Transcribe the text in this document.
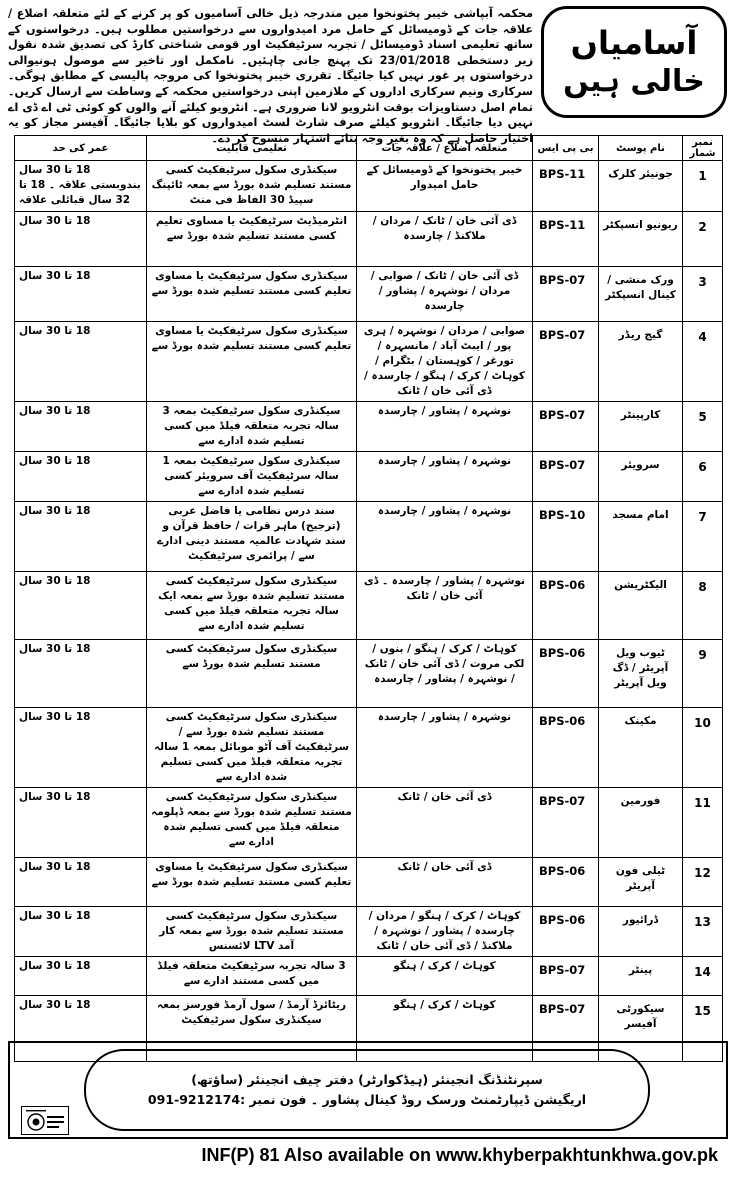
محکمہ آبپاشی خیبر پختونخوا میں مندرجہ ذیل خالی آسامیوں کو پر کرنے کے لئے متعلقہ اضلاع / علاقہ جات کے ڈومیسائل کے حامل مرد امیدواروں سے درخواستیں مطلوب ہیں۔ درخواستوں کے ساتھ تعلیمی اسناد ڈومیسائل / تجربہ سرٹیفکیٹ اور قومی شناختی کارڈ کی تصدیق شدہ نقول زیر دستخطی 23/01/2018 تک پہنچ جانی چاہئیں۔ نامکمل اور تاخیر سے موصول ہونیوالی درخواستوں پر غور نہیں کیا جائیگا۔ تقرری خیبر پختونخوا کی مروجہ پالیسی کے مطابق ہوگی۔ سرکاری ونیم سرکاری اداروں کے ملازمین اپنی درخواستیں محکمہ کے وساطت سے ارسال کریں۔ تمام اصل دستاویزات بوقت انٹرویو لانا ضروری ہے۔ انٹرویو کیلئے آنے والوں کو کوئی ٹی اے ڈی اے نہیں دیا جائیگا۔ انٹرویو کیلئے صرف شارٹ لسٹ امیدواروں کو بلایا جائیگا۔ آفیسر مجاز کو یہ اختیار حاصل ہے کہ وہ بغیر وجہ بتائے اشتہار منسوخ کر دے۔

آسامیاں
خالی ہیں
نمبر شمار	نام پوسٹ	بی پی ایس	متعلقہ اضلاع / علاقہ جات	تعلیمی قابلیت	عمر کی حد
1	جونیئر کلرک	BPS-11	خیبر پختونخوا کے ڈومیسائل کے حامل امیدوار	سیکنڈری سکول سرٹیفکیٹ کسی مستند تسلیم شدہ بورڈ سے بمعہ ٹائپنگ سپیڈ 30 الفاظ فی منٹ	18 تا 30 سال بندوبستی علاقہ ۔ 18 تا 32 سال قبائلی علاقہ
2	ریونیو انسپکٹر	BPS-11	ڈی آئی خان / ٹانک / مردان / ملاکنڈ / چارسدہ	انٹرمیڈیٹ سرٹیفکیٹ یا مساوی تعلیم کسی مستند تسلیم شدہ بورڈ سے	18 تا 30 سال
3	ورک منشی / کینال انسپکٹر	BPS-07	ڈی آئی خان / ٹانک / صوابی / مردان / نوشہرہ / پشاور / چارسدہ	سیکنڈری سکول سرٹیفکیٹ یا مساوی تعلیم کسی مستند تسلیم شدہ بورڈ سے	18 تا 30 سال
4	گیج ریڈر	BPS-07	صوابی / مردان / نوشہرہ / ہری پور / ایبٹ آباد / مانسہرہ / تورغر / کوہستان / بٹگرام / کوہاٹ / کرک / ہنگو / چارسدہ / ڈی آئی خان / ٹانک	سیکنڈری سکول سرٹیفکیٹ یا مساوی تعلیم کسی مستند تسلیم شدہ بورڈ سے	18 تا 30 سال
5	کارپینٹر	BPS-07	نوشہرہ / پشاور / چارسدہ	سیکنڈری سکول سرٹیفکیٹ بمعہ 3 سالہ تجربہ متعلقہ فیلڈ میں کسی تسلیم شدہ ادارے سے	18 تا 30 سال
6	سرویئر	BPS-07	نوشہرہ / پشاور / چارسدہ	سیکنڈری سکول سرٹیفکیٹ بمعہ 1 سالہ سرٹیفکیٹ آف سرویئر کسی تسلیم شدہ ادارے سے	18 تا 30 سال
7	امام مسجد	BPS-10	نوشہرہ / پشاور / چارسدہ	سند درس نظامی یا فاضل عربی (ترجیح) ماہر قرات / حافظ قرآن و سند شہادت عالمیہ مستند دینی ادارے سے / پرائمری سرٹیفکیٹ	18 تا 30 سال
8	الیکٹریشن	BPS-06	نوشہرہ / پشاور / چارسدہ ۔ ڈی آئی خان / ٹانک	سیکنڈری سکول سرٹیفکیٹ کسی مستند تسلیم شدہ بورڈ سے بمعہ ایک سالہ تجربہ متعلقہ فیلڈ میں کسی تسلیم شدہ ادارے سے	18 تا 30 سال
9	ٹیوب ویل آپریٹر / ڈگ ویل آپریٹر	BPS-06	کوہاٹ / کرک / ہنگو / بنوں / لکی مروت / ڈی آئی خان / ٹانک / نوشہرہ / پشاور / چارسدہ	سیکنڈری سکول سرٹیفکیٹ کسی مستند تسلیم شدہ بورڈ سے	18 تا 30 سال
10	مکینک	BPS-06	نوشہرہ / پشاور / چارسدہ	سیکنڈری سکول سرٹیفکیٹ کسی مستند تسلیم شدہ بورڈ سے / سرٹیفکیٹ آف آٹو موبائل بمعہ 1 سالہ تجربہ متعلقہ فیلڈ میں کسی تسلیم شدہ ادارے سے	18 تا 30 سال
11	فورمین	BPS-07	ڈی آئی خان / ٹانک	سیکنڈری سکول سرٹیفکیٹ کسی مستند تسلیم شدہ بورڈ سے بمعہ ڈپلومہ متعلقہ فیلڈ میں کسی تسلیم شدہ ادارے سے	18 تا 30 سال
12	ٹیلی فون آپریٹر	BPS-06	ڈی آئی خان / ٹانک	سیکنڈری سکول سرٹیفکیٹ یا مساوی تعلیم کسی مستند تسلیم شدہ بورڈ سے	18 تا 30 سال
13	ڈرائیور	BPS-06	کوہاٹ / کرک / ہنگو / مردان / چارسدہ / پشاور / نوشہرہ / ملاکنڈ / ڈی آئی خان / ٹانک	سیکنڈری سکول سرٹیفکیٹ کسی مستند تسلیم شدہ بورڈ سے بمعہ کار آمد LTV لائسنس	18 تا 30 سال
14	پینٹر	BPS-07	کوہاٹ / کرک / ہنگو	3 سالہ تجربہ سرٹیفکیٹ متعلقہ فیلڈ میں کسی مستند ادارے سے	18 تا 30 سال
15	سیکورٹی آفیسر	BPS-07	کوہاٹ / کرک / ہنگو	ریٹائرڈ آرمڈ / سول آرمڈ فورسز بمعہ سیکنڈری سکول سرٹیفکیٹ	18 تا 30 سال
سپرنٹنڈنگ انجینئر (ہیڈکوارٹر) دفتر چیف انجینئر (ساؤتھ)
اریگیشن ڈیپارٹمنٹ ورسک روڈ کینال پشاور ۔ فون نمبر 091-9212174:
INF(P) 81 Also available on www.khyberpakhtunkhwa.gov.pk
